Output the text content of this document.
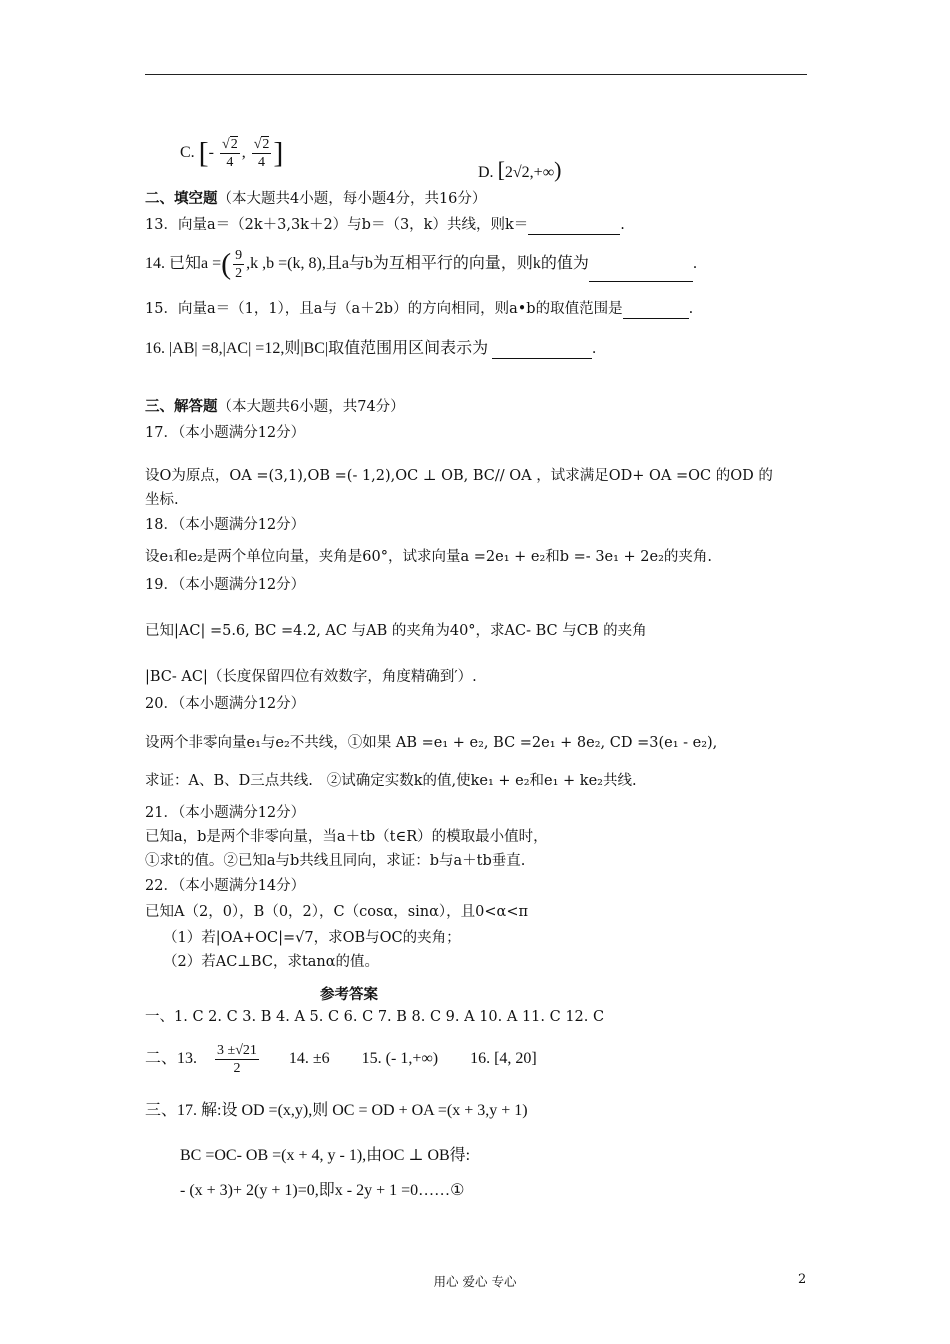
C. [- $\frac{√2}{4}$ , $\frac{√2}{4}$ ]
D. [2√2,+∞)
二、填空题（本大题共4小题，每小题4分，共16分）
13．向量a＝（2k＋3,3k＋2）与b＝（3，k）共线，则k＝	.
14. 已知a =( $\frac{9}{2} ,k$ ,b =(k, 8),且a与b为互相平行的向量，则k的值为	.
15．向量a＝（1，1），且a与（a＋2b）的方向相同，则a•b的取值范围是	.
16. |AB| =8,|AC| =12,则|BC|取值范围用区间表示为	.
三、解答题（本大题共6小题，共74分）
17．（本小题满分12分）
设O为原点，OA =(3,1),OB =(- 1,2),OC ⊥ OB, BC// OA ，试求满足OD+ OA =OC 的OD 的
坐标.
18．（本小题满分12分）
设e₁和e₂是两个单位向量，夹角是60°，试求向量a =2e₁ + e₂和b =- 3e₁ + 2e₂的夹角.
19．（本小题满分12分）
已知|AC| =5.6, BC =4.2, AC 与AB 的夹角为40°，求AC- BC 与CB 的夹角
|BC- AC|（长度保留四位有效数字，角度精确到′）.
20．（本小题满分12分）
设两个非零向量e₁与e₂不共线，①如果 AB =e₁ + e₂, BC =2e₁ + 8e₂, CD =3(e₁ - e₂),
求证：A、B、D三点共线. ②试确定实数k的值,使ke₁ + e₂和e₁ + ke₂共线.
21．（本小题满分12分）
已知a，b是两个非零向量，当a＋tb（t∈R）的模取最小值时，
①求t的值。②已知a与b共线且同向，求证：b与a＋tb垂直.
22．（本小题满分14分）
已知A（2，0），B（0，2），C（cosα，sinα），且0<α<π
（1）若|OA+OC|=√7，求OB与OC的夹角；
（2）若AC⊥BC，求tanα的值。
参考答案
一、1. C 2. C 3. B 4. A 5. C 6. C 7. B 8. C 9. A 10. A 11. C 12. C
二、13. $\frac{3 \pm√21}{2} 14$. ±6 15. (- 1,+∞) 16. [4, 20]
三、17. 解:设 OD =(x,y),则 OC = OD + OA =(x + 3,y + 1)
BC =OC- OB =(x + 4, y - 1),由OC ⊥ OB得:
- (x + 3)+ 2(y + 1)=0,即x - 2y + 1 =0……①
用心 爱心 专心	2
